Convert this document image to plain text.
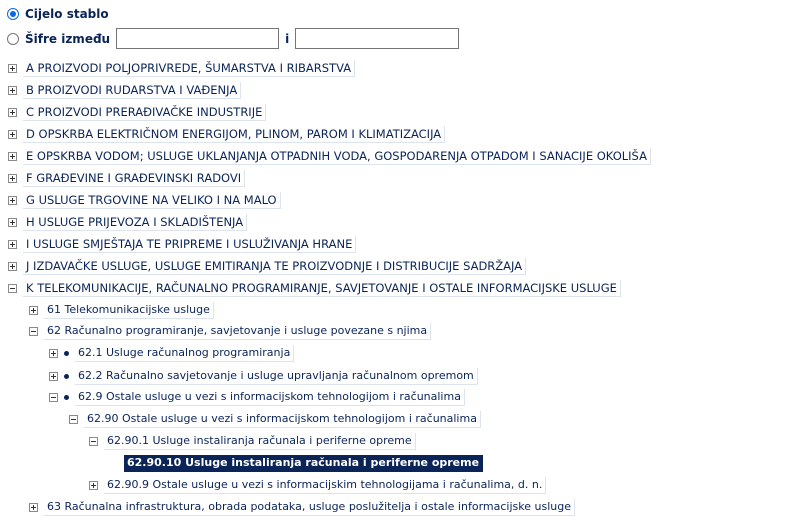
Cijelo stablo
Šifre između	i
A PROIZVODI POLJOPRIVREDE, ŠUMARSTVA I RIBARSTVA
B PROIZVODI RUDARSTVA I VAĐENJA
C PROIZVODI PRERAĐIVAČKE INDUSTRIJE
D OPSKRBA ELEKTRIČNOM ENERGIJOM, PLINOM, PAROM I KLIMATIZACIJA
E OPSKRBA VODOM; USLUGE UKLANJANJA OTPADNIH VODA, GOSPODARENJA OTPADOM I SANACIJE OKOLIŠA
F GRAĐEVINE I GRAĐEVINSKI RADOVI
G USLUGE TRGOVINE NA VELIKO I NA MALO
H USLUGE PRIJEVOZA I SKLADIŠTENJA
I USLUGE SMJEŠTAJA TE PRIPREME I USLUŽIVANJA HRANE
J IZDAVAČKE USLUGE, USLUGE EMITIRANJA TE PROIZVODNJE I DISTRIBUCIJE SADRŽAJA
K TELEKOMUNIKACIJE, RAČUNALNO PROGRAMIRANJE, SAVJETOVANJE I OSTALE INFORMACIJSKE USLUGE
61 Telekomunikacijske usluge
62 Računalno programiranje, savjetovanje i usluge povezane s njima
62.1 Usluge računalnog programiranja
62.2 Računalno savjetovanje i usluge upravljanja računalnom opremom
62.9 Ostale usluge u vezi s informacijskom tehnologijom i računalima
62.90 Ostale usluge u vezi s informacijskom tehnologijom i računalima
62.90.1 Usluge instaliranja računala i periferne opreme
62.90.10 Usluge instaliranja računala i periferne opreme
62.90.9 Ostale usluge u vezi s informacijskim tehnologijama i računalima, d. n.
63 Računalna infrastruktura, obrada podataka, usluge poslužitelja i ostale informacijske usluge
